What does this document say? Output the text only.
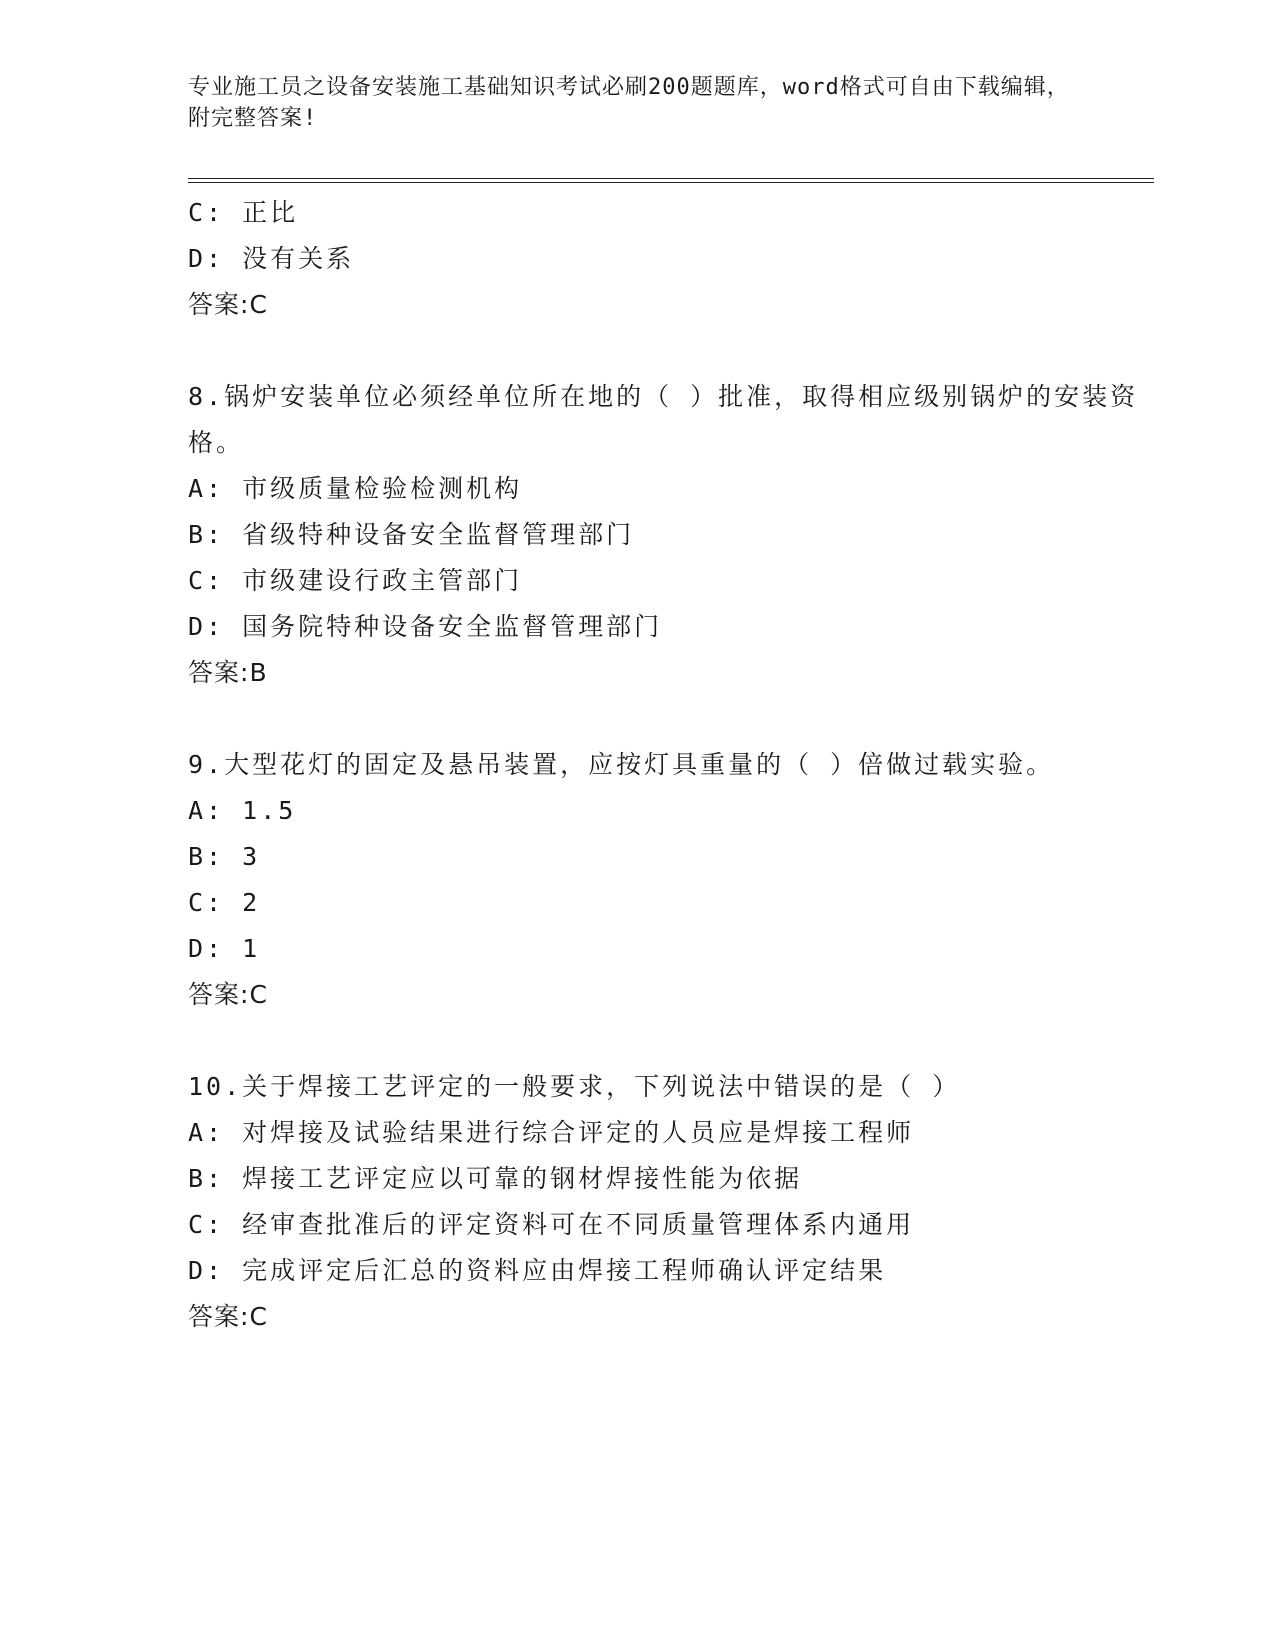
专业施工员之设备安装施工基础知识考试必刷200题题库，word格式可自由下载编辑，附完整答案!
C: 正比
D: 没有关系
答案:C
8.锅炉安装单位必须经单位所在地的（ ）批准，取得相应级别锅炉的安装资格。
A: 市级质量检验检测机构
B: 省级特种设备安全监督管理部门
C: 市级建设行政主管部门
D: 国务院特种设备安全监督管理部门
答案:B
9.大型花灯的固定及悬吊装置，应按灯具重量的（ ）倍做过载实验。
A: 1.5
B: 3
C: 2
D: 1
答案:C
10.关于焊接工艺评定的一般要求，下列说法中错误的是（ ）
A: 对焊接及试验结果进行综合评定的人员应是焊接工程师
B: 焊接工艺评定应以可靠的钢材焊接性能为依据
C: 经审查批准后的评定资料可在不同质量管理体系内通用
D: 完成评定后汇总的资料应由焊接工程师确认评定结果
答案:C
